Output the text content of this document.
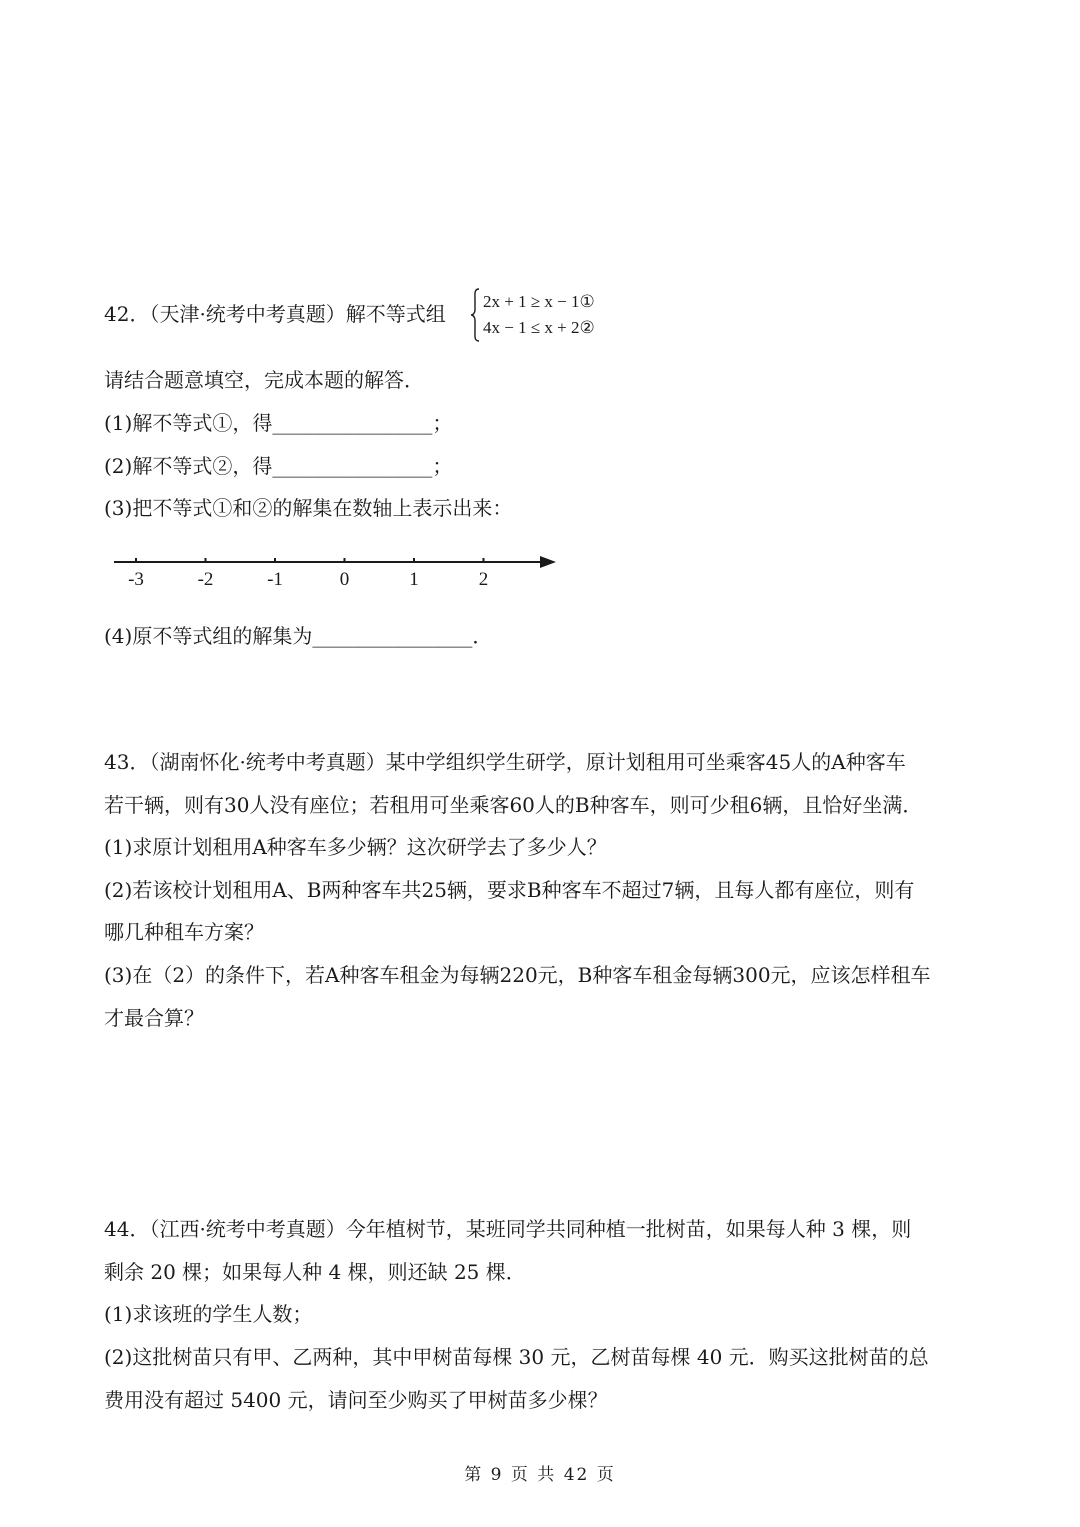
42．（天津·统考中考真题）解不等式组
2x + 1 ≥ x − 1①
4x − 1 ≤ x + 2②
请结合题意填空，完成本题的解答．
(1)解不等式①，得________________；
(2)解不等式②，得________________；
(3)把不等式①和②的解集在数轴上表示出来：
-3	-2	-1	0	1	2
(4)原不等式组的解集为________________．
43．（湖南怀化·统考中考真题）某中学组织学生研学，原计划租用可坐乘客45人的A种客车
若干辆，则有30人没有座位；若租用可坐乘客60人的B种客车，则可少租6辆，且恰好坐满．
(1)求原计划租用A种客车多少辆？这次研学去了多少人？
(2)若该校计划租用A、B两种客车共25辆，要求B种客车不超过7辆，且每人都有座位，则有
哪几种租车方案？
(3)在（2）的条件下，若A种客车租金为每辆220元，B种客车租金每辆300元，应该怎样租车
才最合算？
44．（江西·统考中考真题）今年植树节，某班同学共同种植一批树苗，如果每人种 3 棵，则
剩余 20 棵；如果每人种 4 棵，则还缺 25 棵．
(1)求该班的学生人数；
(2)这批树苗只有甲、乙两种，其中甲树苗每棵 30 元，乙树苗每棵 40 元．购买这批树苗的总
费用没有超过 5400 元，请问至少购买了甲树苗多少棵？
第 9 页 共 42 页
